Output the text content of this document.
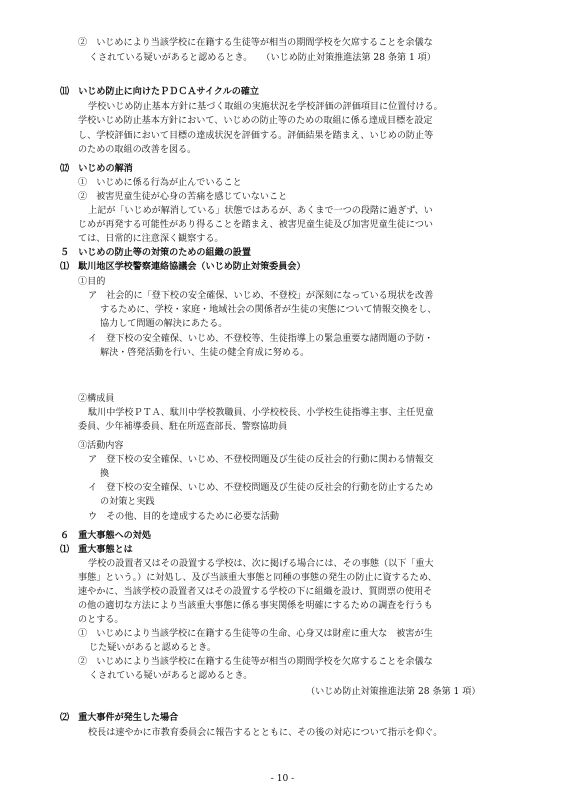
②　いじめにより当該学校に在籍する生徒等が相当の期間学校を欠席することを余儀な

くされている疑いがあると認めるとき。　　（いじめ防止対策推進法第 28 条第 1 項）

⑾　いじめ防止に向けたＰＤＣＡサイクルの確立

学校いじめ防止基本方針に基づく取組の実施状況を学校評価の評価項目に位置付ける。

学校いじめ防止基本方針において、いじめの防止等のための取組に係る達成目標を設定

し、学校評価において目標の達成状況を評価する。評価結果を踏まえ、いじめの防止等

のための取組の改善を図る。

⑿　いじめの解消

①　いじめに係る行為が止んでいること

②　被害児童生徒が心身の苦痛を感じていないこと

上記が「いじめが解消している」状態ではあるが、あくまで一つの段階に過ぎず、い

じめが再発する可能性があり得ることを踏まえ、被害児童生徒及び加害児童生徒につい

ては、日常的に注意深く観察する。

５　いじめの防止等の対策のための組織の設置

⑴　駄川地区学校警察連絡協議会（いじめ防止対策委員会）

①目的

ア　社会的に「登下校の安全確保、いじめ、不登校」が深刻になっている現状を改善

するために、学校・家庭・地域社会の関係者が生徒の実態について情報交換をし、

協力して問題の解決にあたる。

イ　登下校の安全確保、いじめ、不登校等、生徒指導上の緊急重要な諸問題の予防・

解決・啓発活動を行い、生徒の健全育成に努める。

②構成員

駄川中学校ＰＴＡ、駄川中学校教職員、小学校校長、小学校生徒指導主事、主任児童

委員、少年補導委員、駐在所巡査部長、警察協助員

③活動内容

ア　登下校の安全確保、いじめ、不登校問題及び生徒の反社会的行動に関わる情報交

換

イ　登下校の安全確保、いじめ、不登校問題及び生徒の反社会的行動を防止するため

の対策と実践

ウ　その他、目的を達成するために必要な活動

６　重大事態への対処

⑴　重大事態とは

学校の設置者又はその設置する学校は、次に掲げる場合には、その事態（以下「重大

事態」という。）に対処し、及び当該重大事態と同種の事態の発生の防止に資するため、

速やかに、当該学校の設置者又はその設置する学校の下に組織を設け、質問票の使用そ

の他の適切な方法により当該重大事態に係る事実関係を明確にするための調査を行うも

のとする。

①　いじめにより当該学校に在籍する生徒等の生命、心身又は財産に重大な　被害が生

じた疑いがあると認めるとき。

②　いじめにより当該学校に在籍する生徒等が相当の期間学校を欠席することを余儀な

くされている疑いがあると認めるとき。

（いじめ防止対策推進法第 28 条第 1 項）

⑵　重大事件が発生した場合

校長は速やかに市教育委員会に報告するとともに、その後の対応について指示を仰ぐ。

- 10 -
